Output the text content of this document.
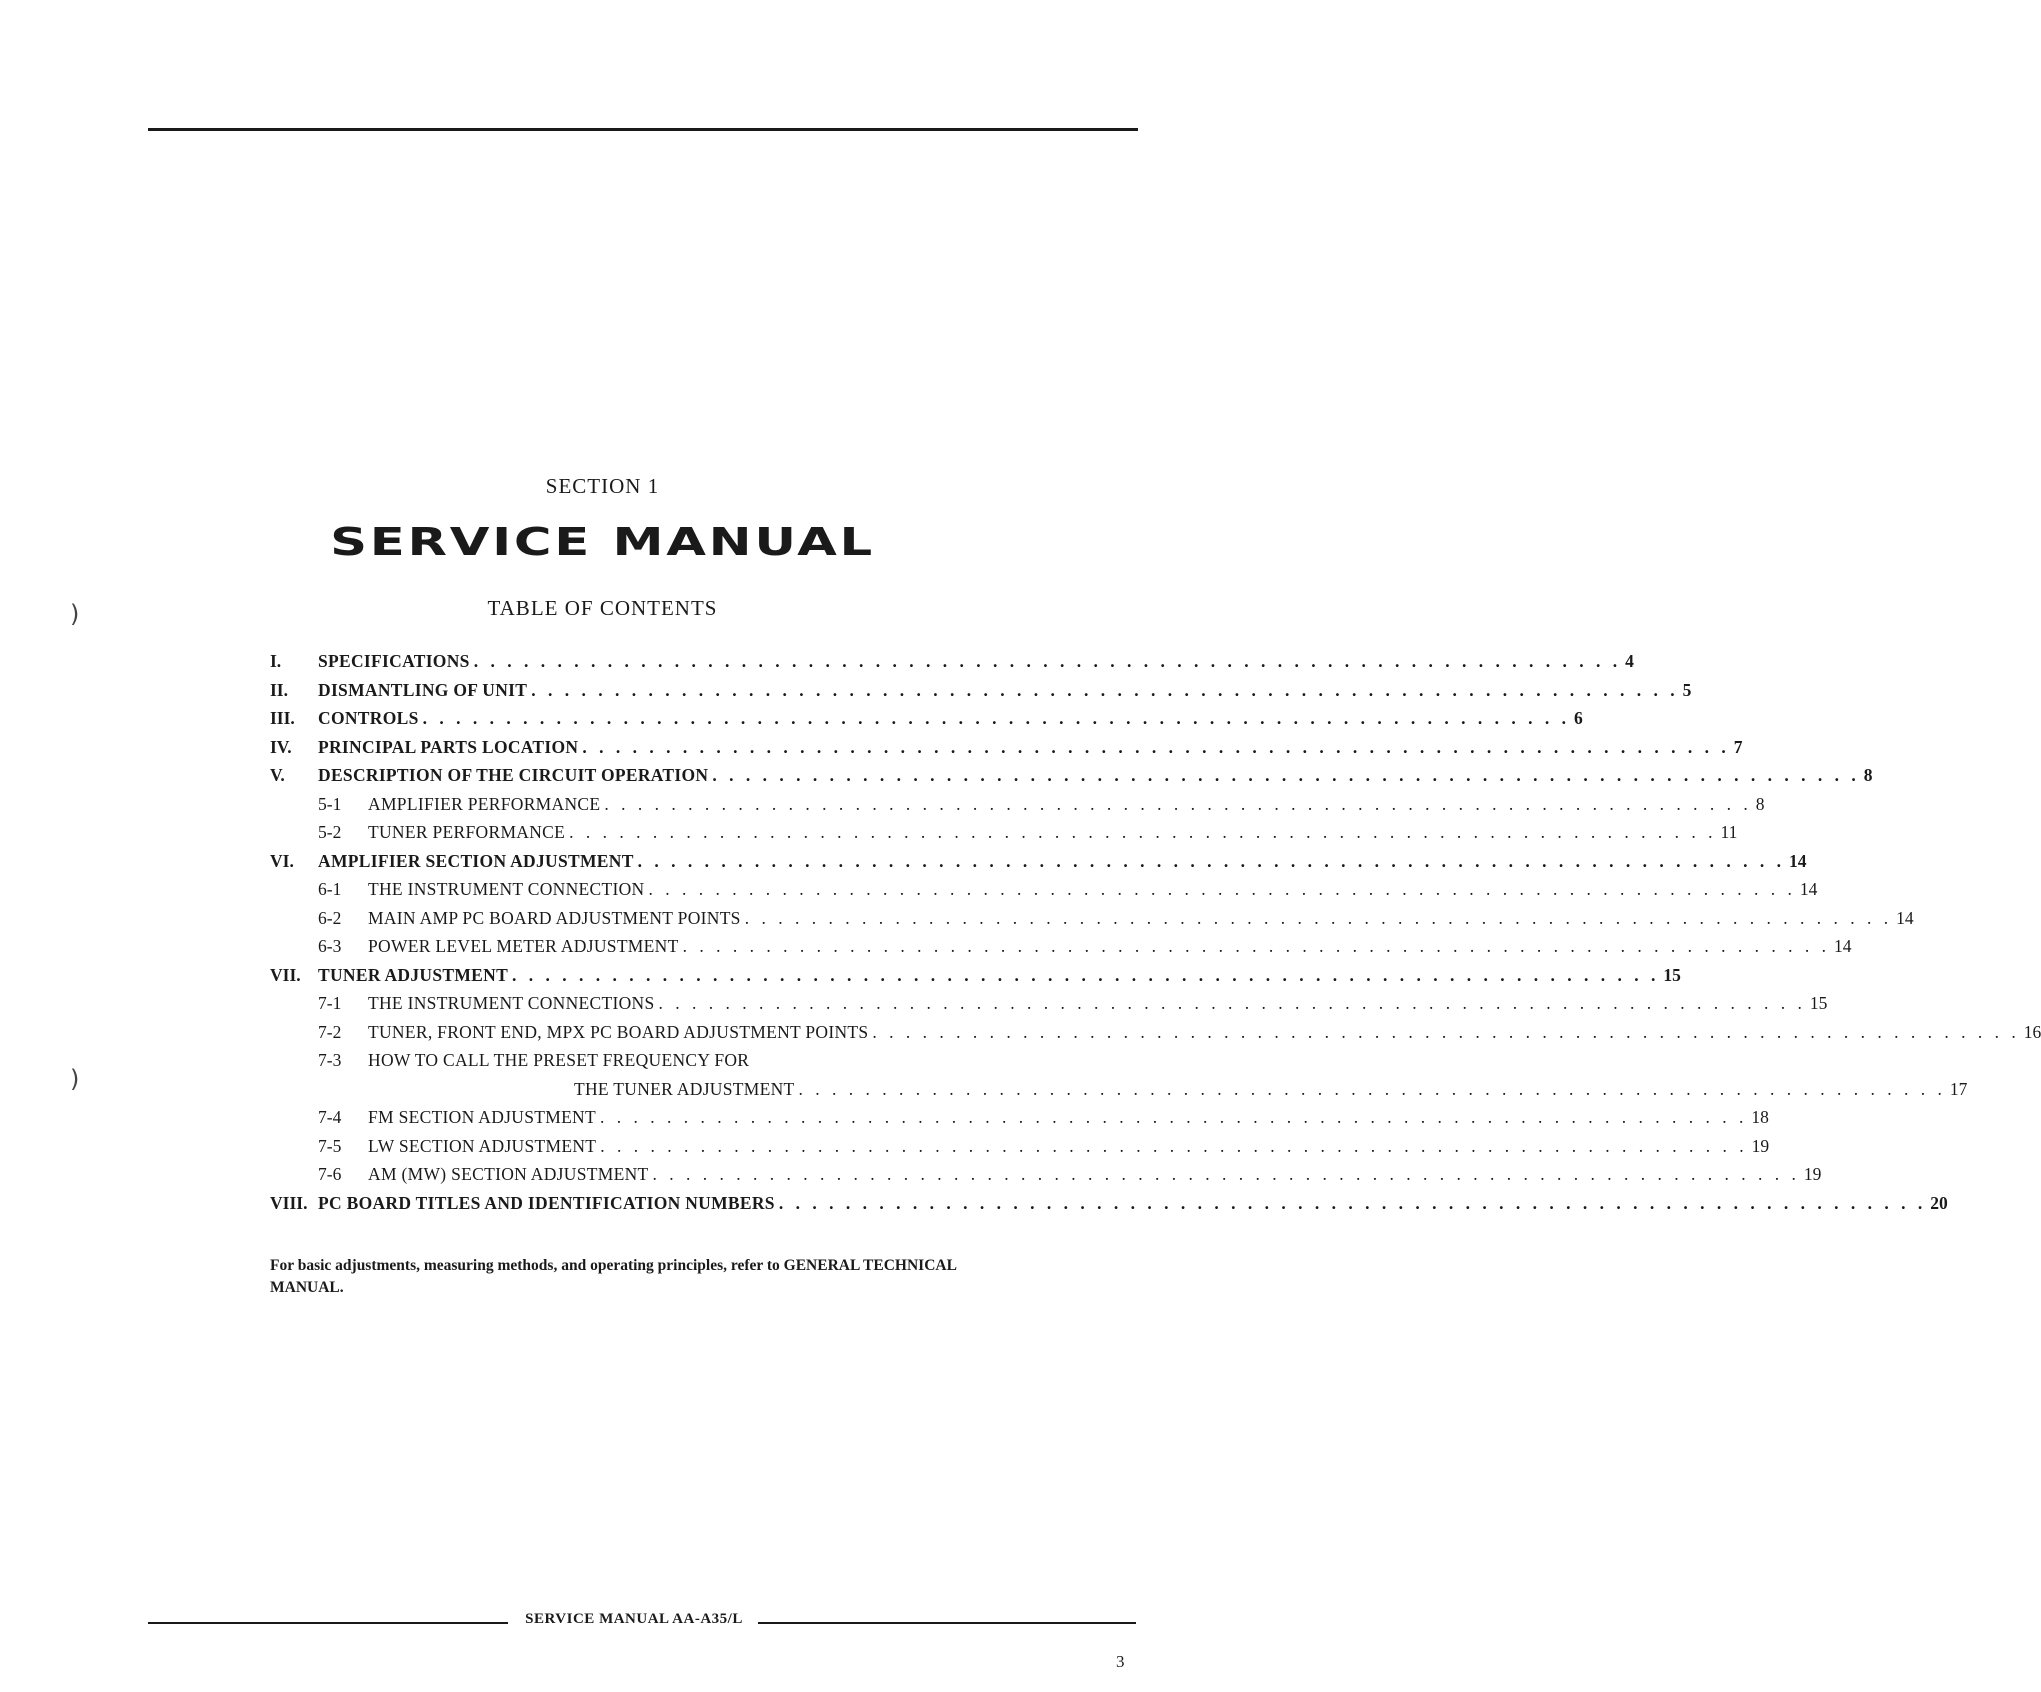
)
)
SECTION 1
SERVICE MANUAL
TABLE OF CONTENTS
I.	SPECIFICATIONS . . . . . . . . . . . . . . . . . . . . . . . . . . . . . . . . . . . . . . . . . . . . . . . . . . . . . . . . . . . . . . . . . . . . . 4
II.	DISMANTLING OF UNIT . . . . . . . . . . . . . . . . . . . . . . . . . . . . . . . . . . . . . . . . . . . . . . . . . . . . . . . . . . . . . . . . . . . . . 5
III.	CONTROLS . . . . . . . . . . . . . . . . . . . . . . . . . . . . . . . . . . . . . . . . . . . . . . . . . . . . . . . . . . . . . . . . . . . . . 6
IV.	PRINCIPAL PARTS LOCATION . . . . . . . . . . . . . . . . . . . . . . . . . . . . . . . . . . . . . . . . . . . . . . . . . . . . . . . . . . . . . . . . . . . . . 7
V.	DESCRIPTION OF THE CIRCUIT OPERATION . . . . . . . . . . . . . . . . . . . . . . . . . . . . . . . . . . . . . . . . . . . . . . . . . . . . . . . . . . . . . . . . . . . . . 8
5-1	AMPLIFIER PERFORMANCE . . . . . . . . . . . . . . . . . . . . . . . . . . . . . . . . . . . . . . . . . . . . . . . . . . . . . . . . . . . . . . . . . . . . . 8
5-2	TUNER PERFORMANCE . . . . . . . . . . . . . . . . . . . . . . . . . . . . . . . . . . . . . . . . . . . . . . . . . . . . . . . . . . . . . . . . . . . . . 11
VI.	AMPLIFIER SECTION ADJUSTMENT . . . . . . . . . . . . . . . . . . . . . . . . . . . . . . . . . . . . . . . . . . . . . . . . . . . . . . . . . . . . . . . . . . . . . 14
6-1	THE INSTRUMENT CONNECTION . . . . . . . . . . . . . . . . . . . . . . . . . . . . . . . . . . . . . . . . . . . . . . . . . . . . . . . . . . . . . . . . . . . . . 14
6-2	MAIN AMP PC BOARD ADJUSTMENT POINTS . . . . . . . . . . . . . . . . . . . . . . . . . . . . . . . . . . . . . . . . . . . . . . . . . . . . . . . . . . . . . . . . . . . . . 14
6-3	POWER LEVEL METER ADJUSTMENT . . . . . . . . . . . . . . . . . . . . . . . . . . . . . . . . . . . . . . . . . . . . . . . . . . . . . . . . . . . . . . . . . . . . . 14
VII. TUNER ADJUSTMENT . . . . . . . . . . . . . . . . . . . . . . . . . . . . . . . . . . . . . . . . . . . . . . . . . . . . . . . . . . . . . . . . . . . . . 15
7-1	THE INSTRUMENT CONNECTIONS . . . . . . . . . . . . . . . . . . . . . . . . . . . . . . . . . . . . . . . . . . . . . . . . . . . . . . . . . . . . . . . . . . . . . 15
7-2	TUNER, FRONT END, MPX PC BOARD ADJUSTMENT POINTS . . . . . . . . . . . . . . . . . . . . . . . . . . . . . . . . . . . . . . . . . . . . . . . . . . . . . . . . . . . . . . . . . . . . . 16
7-3	HOW TO CALL THE PRESET FREQUENCY FOR
THE TUNER ADJUSTMENT . . . . . . . . . . . . . . . . . . . . . . . . . . . . . . . . . . . . . . . . . . . . . . . . . . . . . . . . . . . . . . . . . . . . . 17
7-4	FM SECTION ADJUSTMENT . . . . . . . . . . . . . . . . . . . . . . . . . . . . . . . . . . . . . . . . . . . . . . . . . . . . . . . . . . . . . . . . . . . . . 18
7-5	LW SECTION ADJUSTMENT . . . . . . . . . . . . . . . . . . . . . . . . . . . . . . . . . . . . . . . . . . . . . . . . . . . . . . . . . . . . . . . . . . . . . 19
7-6	AM (MW) SECTION ADJUSTMENT . . . . . . . . . . . . . . . . . . . . . . . . . . . . . . . . . . . . . . . . . . . . . . . . . . . . . . . . . . . . . . . . . . . . . 19
VIII. PC BOARD TITLES AND IDENTIFICATION NUMBERS . . . . . . . . . . . . . . . . . . . . . . . . . . . . . . . . . . . . . . . . . . . . . . . . . . . . . . . . . . . . . . . . . . . . . 20
For basic adjustments, measuring methods, and operating principles, refer to GENERAL TECHNICAL MANUAL.
SERVICE MANUAL AA-A35/L
3
